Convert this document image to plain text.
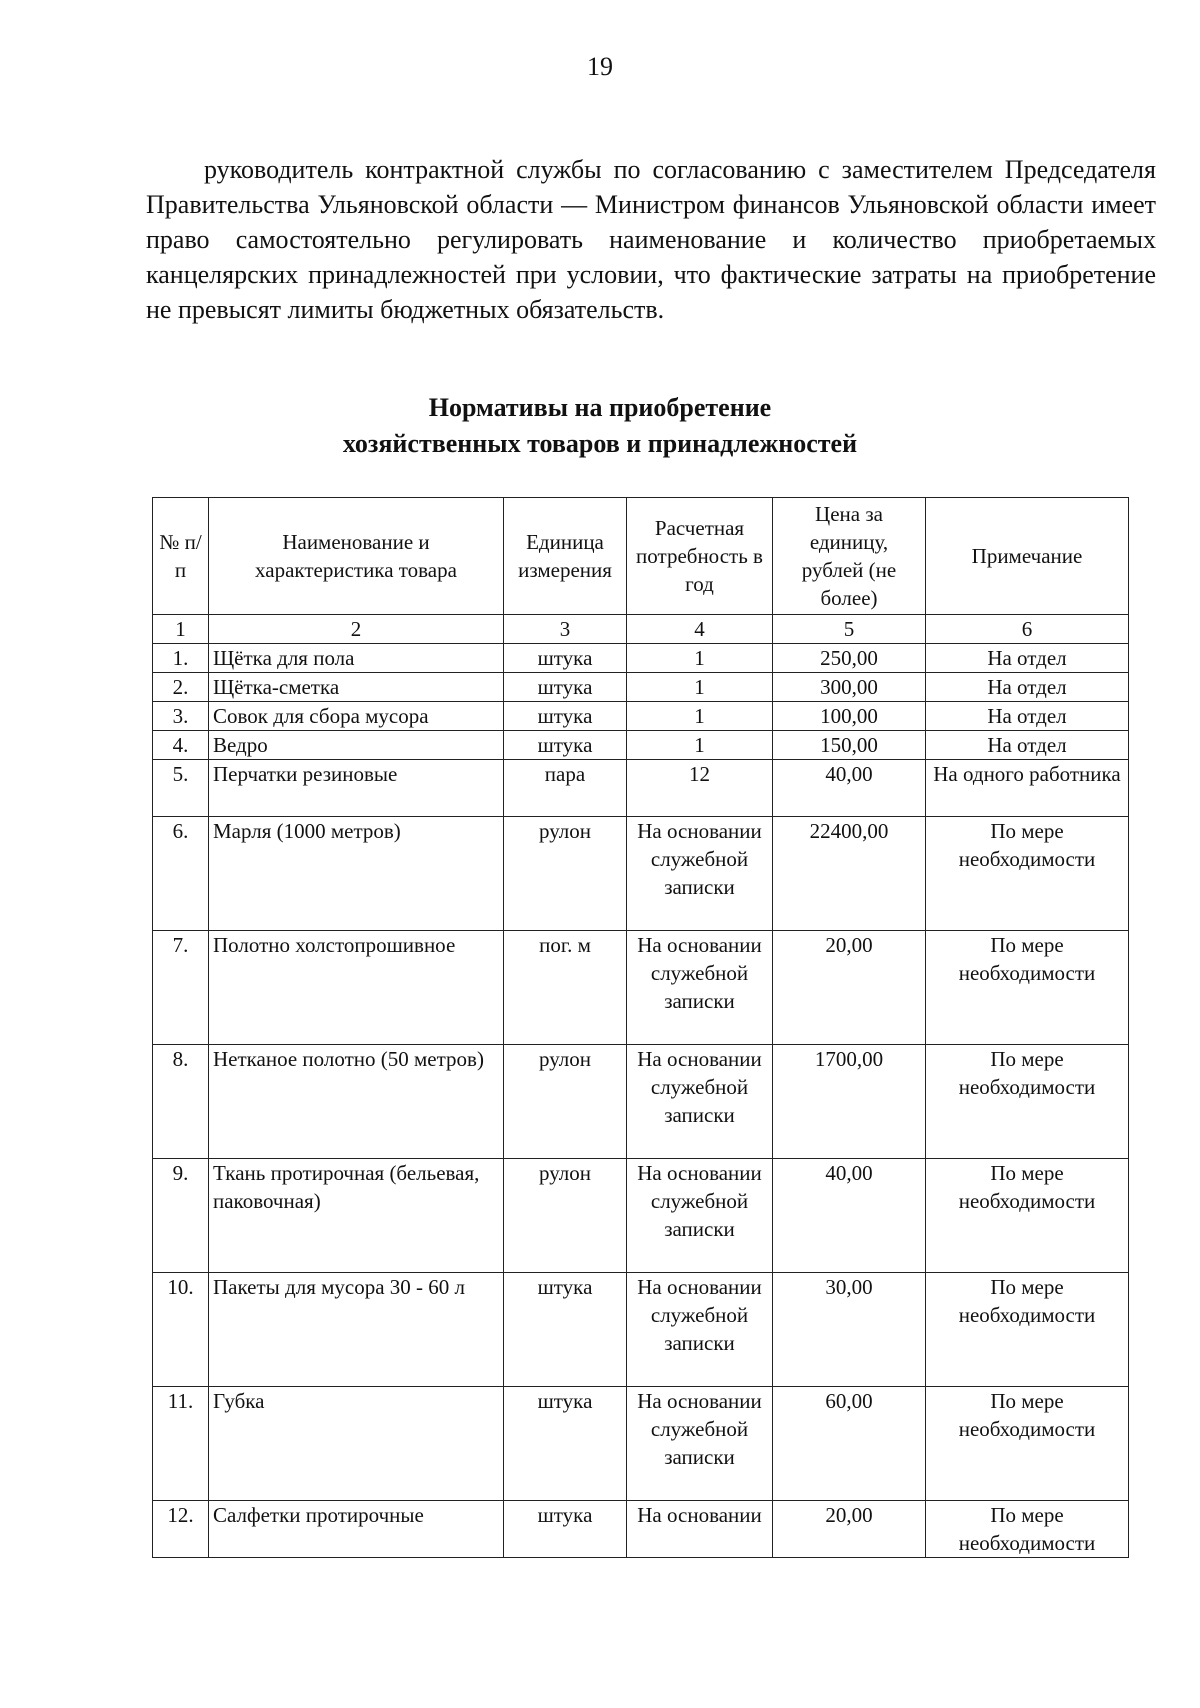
19

руководитель контрактной службы по согласованию с заместителем Председателя Правительства Ульяновской области — Министром финансов Ульяновской области имеет право самостоятельно регулировать наименование и количество приобретаемых канцелярских принадлежностей при условии, что фактические затраты на приобретение не превысят лимиты бюджетных обязательств.

Нормативы на приобретение
хозяйственных товаров и принадлежностей
№ п/п	Наименование и характеристика товара	Единица измерения	Расчетная потребность в год	Цена за единицу, рублей (не более)	Примечание
1	2	3	4	5	6
1.	Щётка для пола	штука	1	250,00	На отдел
2.	Щётка-сметка	штука	1	300,00	На отдел
3.	Совок для сбора мусора	штука	1	100,00	На отдел
4.	Ведро	штука	1	150,00	На отдел
5.	Перчатки резиновые	пара	12	40,00	На одного работника
6.	Марля (1000 метров)	рулон	На основании служебной записки	22400,00	По мере необходимости
7.	Полотно холстопрошивное	пог. м	На основании служебной записки	20,00	По мере необходимости
8.	Нетканое полотно (50 метров)	рулон	На основании служебной записки	1700,00	По мере необходимости
9.	Ткань протирочная (бельевая, паковочная)	рулон	На основании служебной записки	40,00	По мере необходимости
10.	Пакеты для мусора 30 - 60 л	штука	На основании служебной записки	30,00	По мере необходимости
11.	Губка	штука	На основании служебной записки	60,00	По мере необходимости
12.	Салфетки протирочные	штука	На основании	20,00	По мере необходимости
